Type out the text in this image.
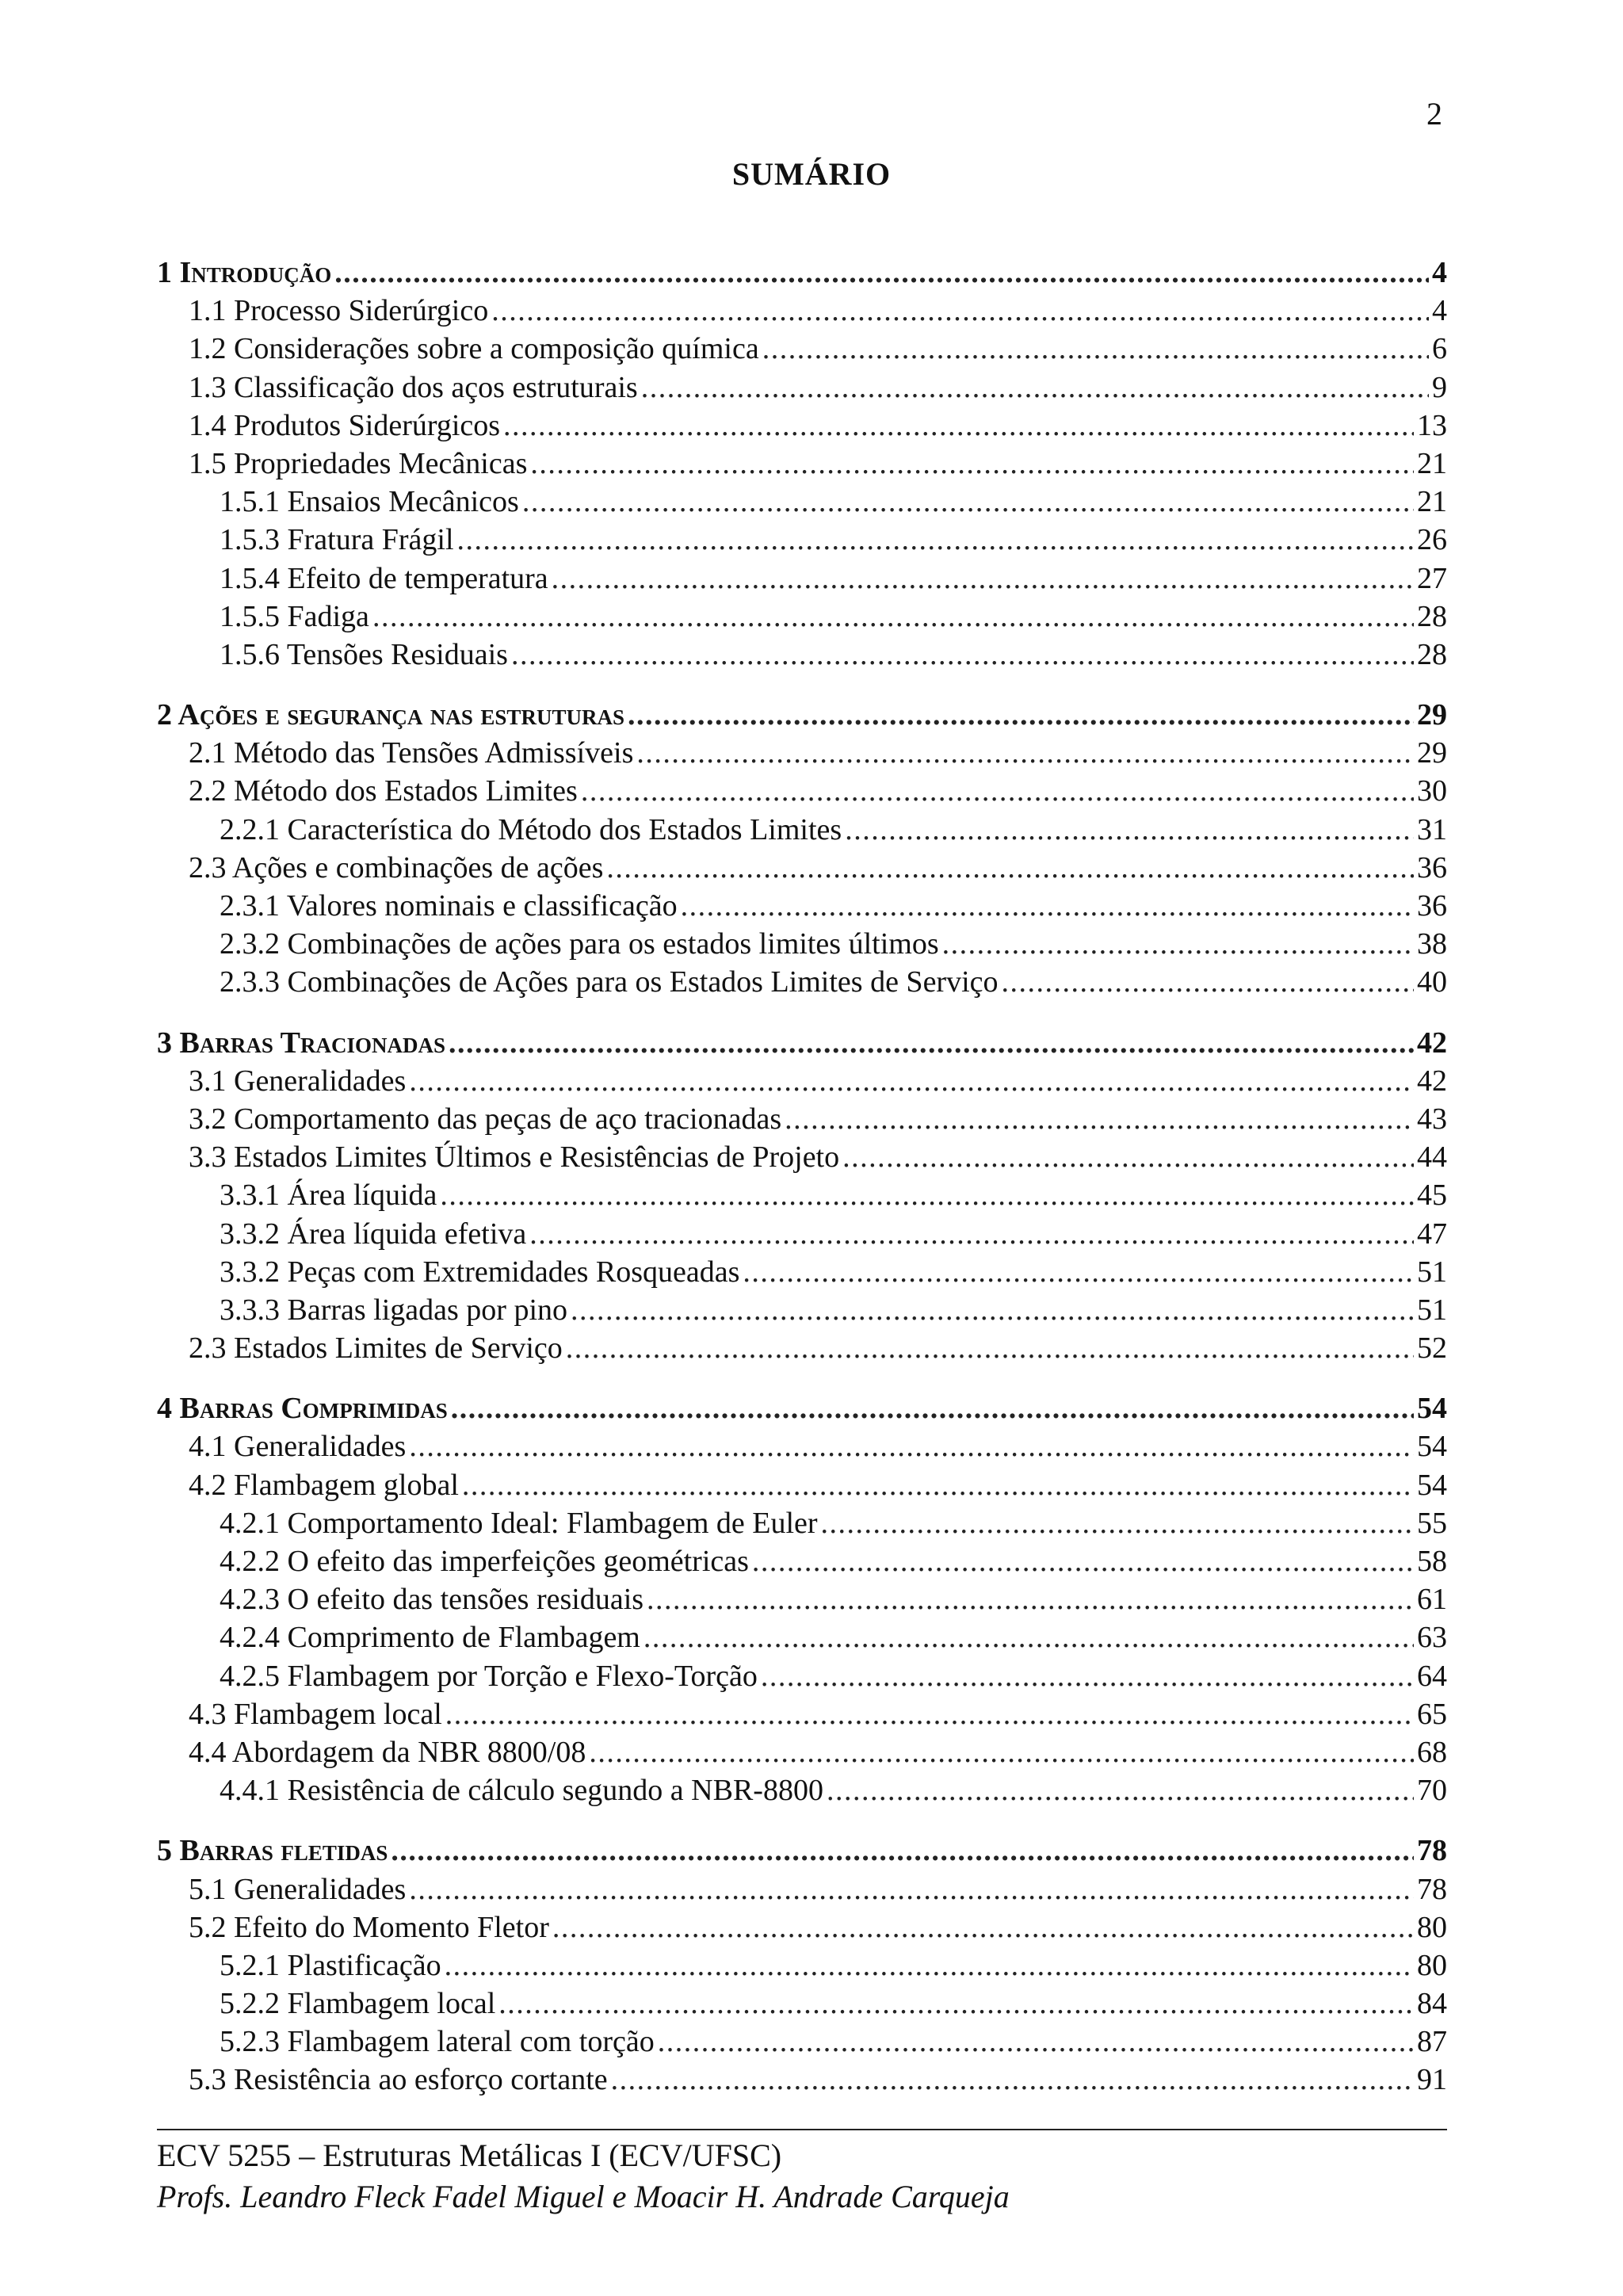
2
SUMÁRIO
1 Introdução .....	4
1.1 Processo Siderúrgico .....	4
1.2 Considerações sobre a composição química .....	6
1.3 Classificação dos aços estruturais .....	9
1.4 Produtos Siderúrgicos .....	13
1.5 Propriedades Mecânicas .....	21
1.5.1 Ensaios Mecânicos .....	21
1.5.3 Fratura Frágil .....	26
1.5.4 Efeito de temperatura .....	27
1.5.5 Fadiga .....	28
1.5.6 Tensões Residuais .....	28
2 Ações e segurança nas estruturas .....	29
2.1 Método das Tensões Admissíveis .....	29
2.2 Método dos Estados Limites .....	30
2.2.1 Característica do Método dos Estados Limites .....	31
2.3 Ações e combinações de ações .....	36
2.3.1 Valores nominais e classificação .....	36
2.3.2 Combinações de ações para os estados limites últimos .....	38
2.3.3 Combinações de Ações para os Estados Limites de Serviço .....	40
3 Barras Tracionadas .....	42
3.1 Generalidades .....	42
3.2 Comportamento das peças de aço tracionadas .....	43
3.3 Estados Limites Últimos e Resistências de Projeto .....	44
3.3.1 Área líquida .....	45
3.3.2 Área líquida efetiva .....	47
3.3.2 Peças com Extremidades Rosqueadas .....	51
3.3.3 Barras ligadas por pino .....	51
2.3 Estados Limites de Serviço .....	52
4 Barras Comprimidas .....	54
4.1 Generalidades .....	54
4.2 Flambagem global .....	54
4.2.1 Comportamento Ideal: Flambagem de Euler .....	55
4.2.2 O efeito das imperfeições geométricas .....	58
4.2.3 O efeito das tensões residuais .....	61
4.2.4 Comprimento de Flambagem .....	63
4.2.5 Flambagem por Torção e Flexo-Torção .....	64
4.3 Flambagem local .....	65
4.4 Abordagem da NBR 8800/08 .....	68
4.4.1 Resistência de cálculo segundo a NBR-8800 .....	70
5 Barras fletidas .....	78
5.1 Generalidades .....	78
5.2 Efeito do Momento Fletor .....	80
5.2.1 Plastificação .....	80
5.2.2 Flambagem local .....	84
5.2.3 Flambagem lateral com torção .....	87
5.3 Resistência ao esforço cortante .....	91
ECV 5255 – Estruturas Metálicas I (ECV/UFSC)
Profs. Leandro Fleck Fadel Miguel e Moacir H. Andrade Carqueja
